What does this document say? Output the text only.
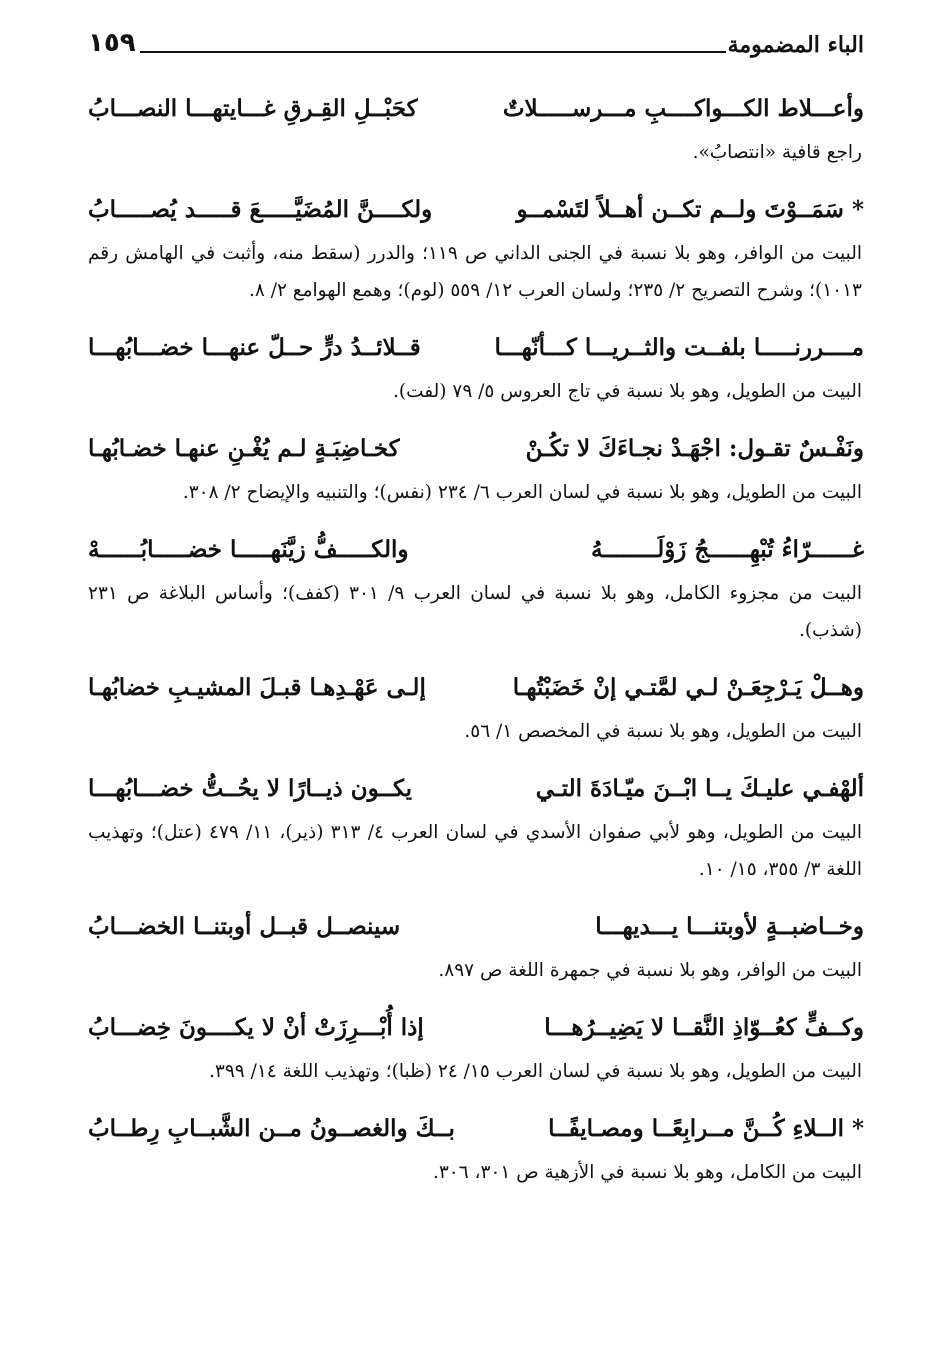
الباء المضمومة
١٥٩
وأعـــلاط الكـــواكــــبِ مـــرســـــلاتٌ
كحَبْــلِ القِـرقِ غـــايتهـــا النصـــابُ
راجع قافية «انتصابُ».
* سَمَــوْتَ ولــم تكــن أهــلاً لتَسْمــو
ولكــــنَّ المُضَيَّـــــعَ قـــــد يُصـــــابُ
البيت من الوافر، وهو بلا نسبة في الجنى الداني ص ١١٩؛ والدرر (سقط منه، وأثبت في الهامش رقم ١٠١٣)؛ وشرح التصريح ٢/ ٢٣٥؛ ولسان العرب ١٢/ ٥٥٩ (لوم)؛ وهمع الهوامع ٢/ ٨.
مــــررنـــــا بلفــت والثــريـــا كـــأنّهـــا
قــلائــدُ درٍّ حــلّ عنهـــا خضـــابُهـــا
البيت من الطويل، وهو بلا نسبة في تاج العروس ٥/ ٧٩ (لفت).
ونَفْـسٌ تقـول: اجْهَـدْ نجـاءَكَ لا تكُـنْ
كخـاضِبَـةٍ لـم يُغْـنِ عنهـا خضـابُهـا
البيت من الطويل، وهو بلا نسبة في لسان العرب ٦/ ٢٣٤ (نفس)؛ والتنبيه والإيضاح ٢/ ٣٠٨.
غــــــرّاءُ تُبْهِــــــجُ زَوْلَــــــــهُ
والكـــــفُّ زيَّنَهـــــا خضـــــابُــــــهْ
البيت من مجزوء الكامل، وهو بلا نسبة في لسان العرب ٩/ ٣٠١ (كفف)؛ وأساس البلاغة ص ٢٣١ (شذب).
وهــلْ يَـرْجِعَـنْ لـي لمَّتـي إنْ خَضَبْتُهـا
إلـى عَهْـدِهـا قبـلَ المشيـبِ خضابُهـا
البيت من الطويل، وهو بلا نسبة في المخصص ١/ ٥٦.
ألهْفـي عليـكَ يــا ابْــنَ ميّـادَةَ التـي
يكــون ذيــارًا لا يحُــتُّ خضـــابُهـــا
البيت من الطويل، وهو لأبي صفوان الأسدي في لسان العرب ٤/ ٣١٣ (ذير)، ١١/ ٤٧٩ (عتل)؛ وتهذيب اللغة ٣/ ٣٥٥، ١٥/ ١٠.
وخــاضبــةٍ لأوبتنـــا يـــديهـــا
سينصــل قبــل أوبتنــا الخضـــابُ
البيت من الوافر، وهو بلا نسبة في جمهرة اللغة ص ٨٩٧.
وكــفٍّ كعُــوّاذِ النَّقــا لا يَضِيــرُهـــا
إذا أُبْـــرِزَتْ أنْ لا يكــــونَ خِضـــابُ
البيت من الطويل، وهو بلا نسبة في لسان العرب ١٥/ ٢٤ (ظبا)؛ وتهذيب اللغة ١٤/ ٣٩٩.
* الــلاءِ كُــنَّ مــرابِعًــا ومصـايفًــا
بــكَ والغصــونُ مــن الشَّبــابِ رِطــابُ
البيت من الكامل، وهو بلا نسبة في الأزهية ص ٣٠١، ٣٠٦.
